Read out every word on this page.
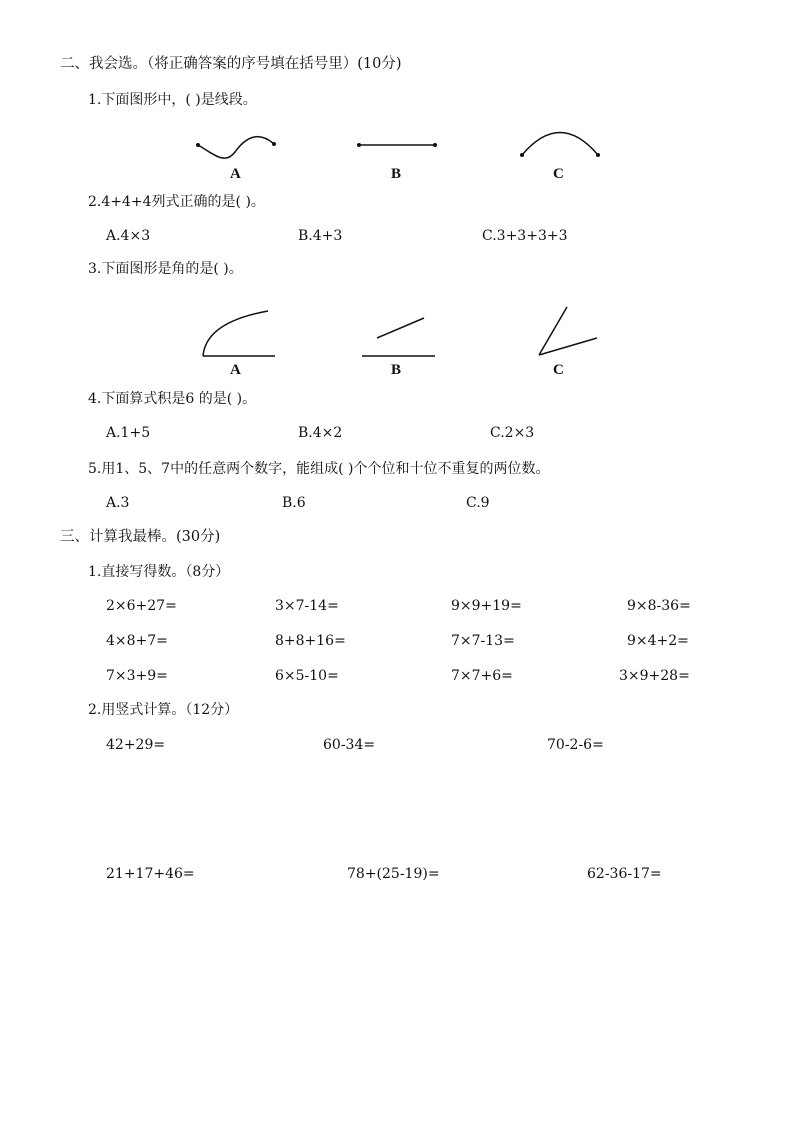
二、我会选。（将正确答案的序号填在括号里）(10分)
1.下面图形中，( )是线段。
A	B	C
2.4+4+4列式正确的是( )。
A.4×3	B.4+3	C.3+3+3+3
3.下面图形是角的是( )。
A	B	C
4.下面算式积是6 的是( )。
A.1+5	B.4×2	C.2×3
5.用1、5、7中的任意两个数字，能组成( )个个位和十位不重复的两位数。
A.3	B.6	C.9
三、计算我最棒。(30分)
1.直接写得数。（8分）
2×6+27=	3×7-14=	9×9+19=	9×8-36=
4×8+7=	8+8+16=	7×7-13=	9×4+2=
7×3+9=	6×5-10=	7×7+6=	3×9+28=
2.用竖式计算。（12分）
42+29=	60-34=	70-2-6=
21+17+46=	78+(25-19)=	62-36-17=
